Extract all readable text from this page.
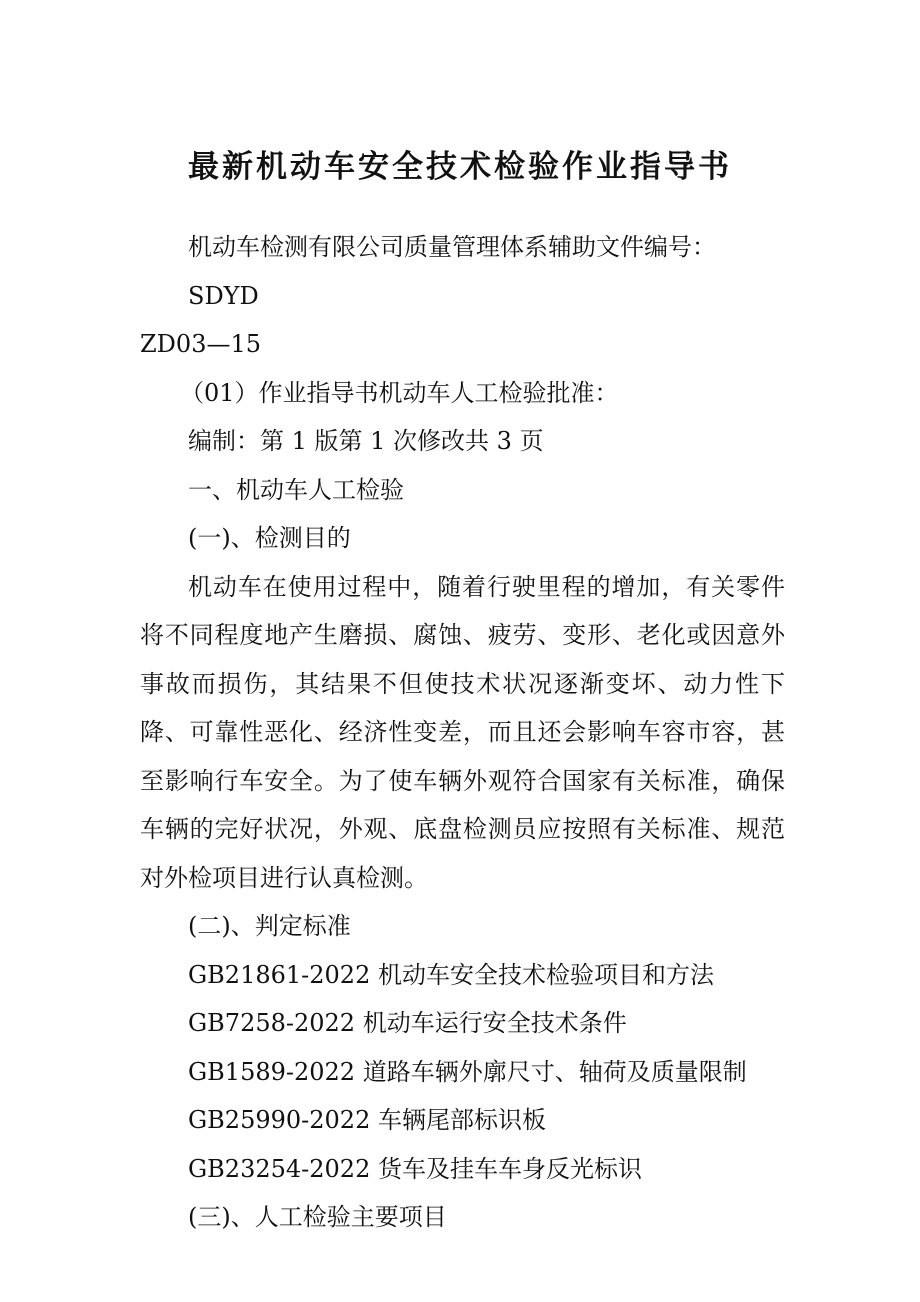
最新机动车安全技术检验作业指导书

机动车检测有限公司质量管理体系辅助文件编号：SDYD

ZD03—15

（01）作业指导书机动车人工检验批准：

编制：第 1 版第 1 次修改共 3 页

一、机动车人工检验

(一)、检测目的

机动车在使用过程中，随着行驶里程的增加，有关零件将不同程度地产生磨损、腐蚀、疲劳、变形、老化或因意外事故而损伤，其结果不但使技术状况逐渐变坏、动力性下降、可靠性恶化、经济性变差，而且还会影响车容市容，甚至影响行车安全。为了使车辆外观符合国家有关标准，确保车辆的完好状况，外观、底盘检测员应按照有关标准、规范对外检项目进行认真检测。

(二)、判定标准

GB21861-2022 机动车安全技术检验项目和方法

GB7258-2022 机动车运行安全技术条件

GB1589-2022 道路车辆外廓尺寸、轴荷及质量限制

GB25990-2022 车辆尾部标识板

GB23254-2022 货车及挂车车身反光标识

(三)、人工检验主要项目
